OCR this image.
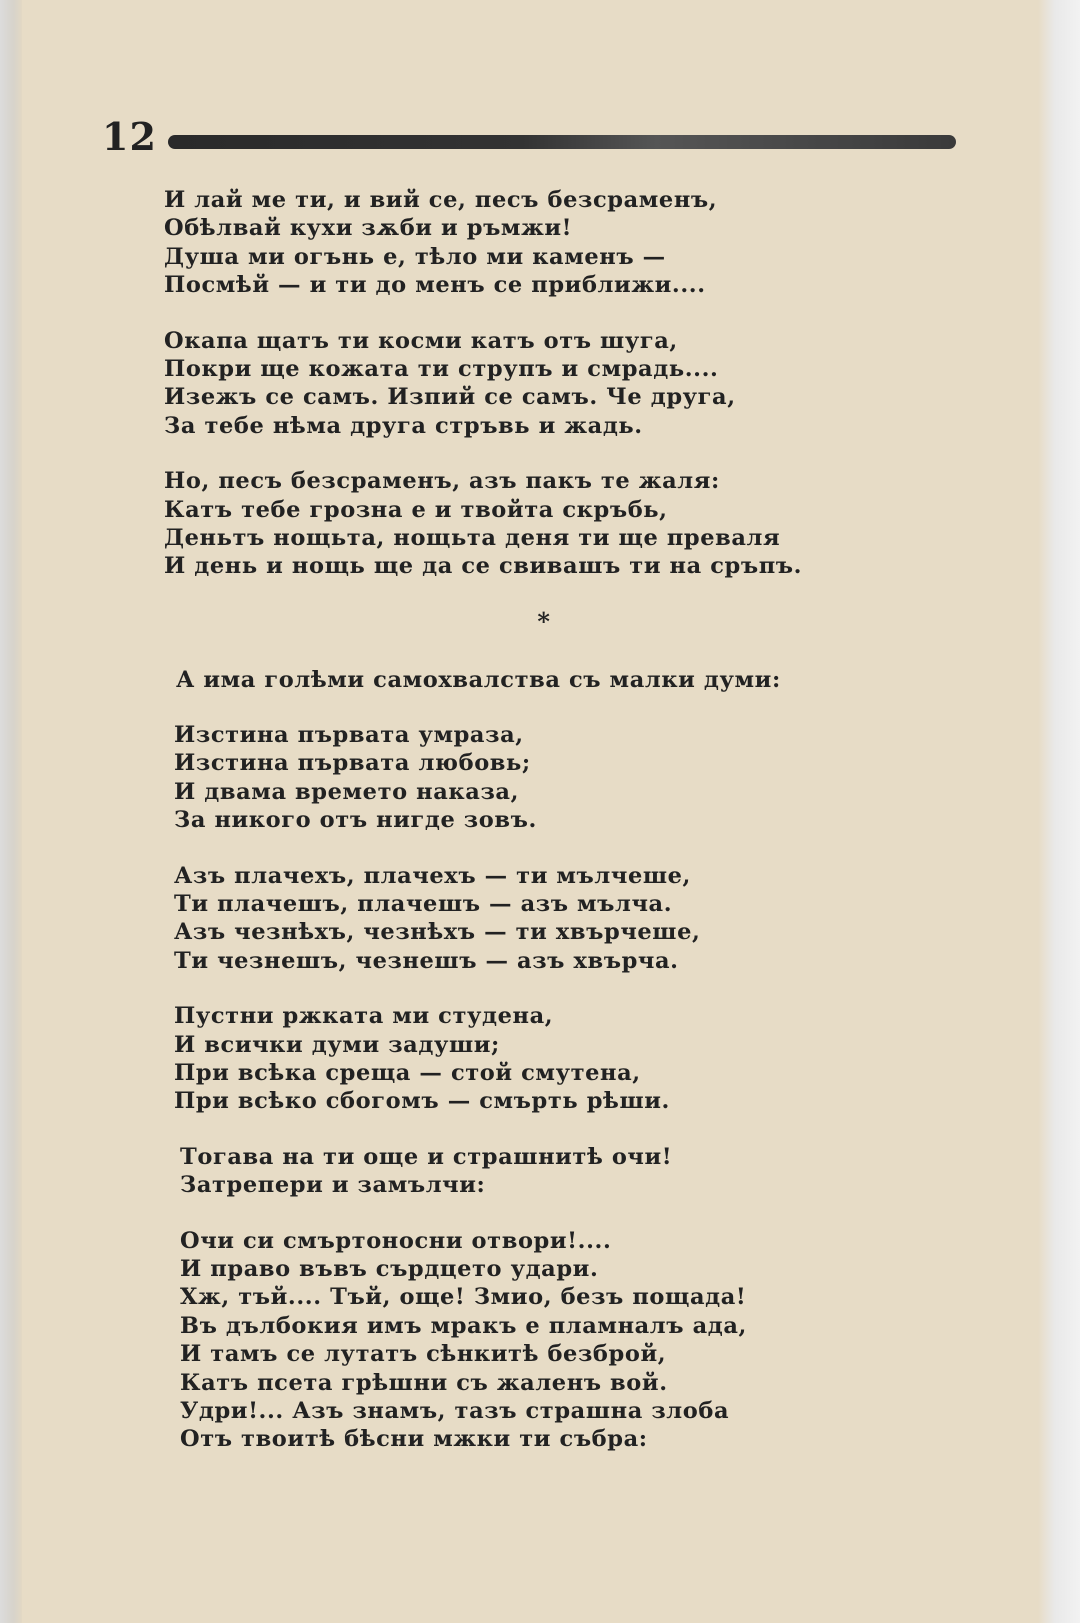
12
И лай ме ти, и вий се, песъ безсраменъ,
Обѣлвай кухи зѫби и ръмжи!
Душа ми огънь е, тѣло ми каменъ —
Посмѣй — и ти до менъ се приближи....
Окапа щатъ ти косми катъ отъ шуга,
Покри ще кожата ти струпъ и смрадь....
Изежъ се самъ. Изпий се самъ. Че друга,
За тебе нѣма друга стръвь и жадь.
Но, песъ безсраменъ, азъ пакъ те жаля:
Катъ тебе грозна е и твойта скръбь,
Деньтъ нощьта, нощьта деня ти ще преваля
И день и нощь ще да се свивашъ ти на сръпъ.
*
А има голѣми самохвалства съ малки думи:
Изстина първата умраза,
Изстина първата любовь;
И двама времето наказа,
За никого отъ нигде зовъ.
Азъ плачехъ, плачехъ — ти мълчеше,
Ти плачешъ, плачешъ — азъ мълча.
Азъ чезнѣхъ, чезнѣхъ — ти хвърчеше,
Ти чезнешъ, чезнешъ — азъ хвърча.
Пустни ржката ми студена,
И всички думи задуши;
При всѣка среща — стой смутена,
При всѣко сбогомъ — смърть рѣши.
Тогава на ти още и страшнитѣ очи!
Затрепери и замълчи:
Очи си смъртоносни отвори!....
И право въвъ сърдцето удари.
Хж, тъй.... Тъй, още! Змио, безъ пощада!
Въ дълбокия имъ мракъ е пламналъ ада,
И тамъ се лутатъ сѣнкитѣ безброй,
Катъ псета грѣшни съ жаленъ вой.
Удри!... Азъ знамъ, тазъ страшна злоба
Отъ твоитѣ бѣсни мжки ти събра:
